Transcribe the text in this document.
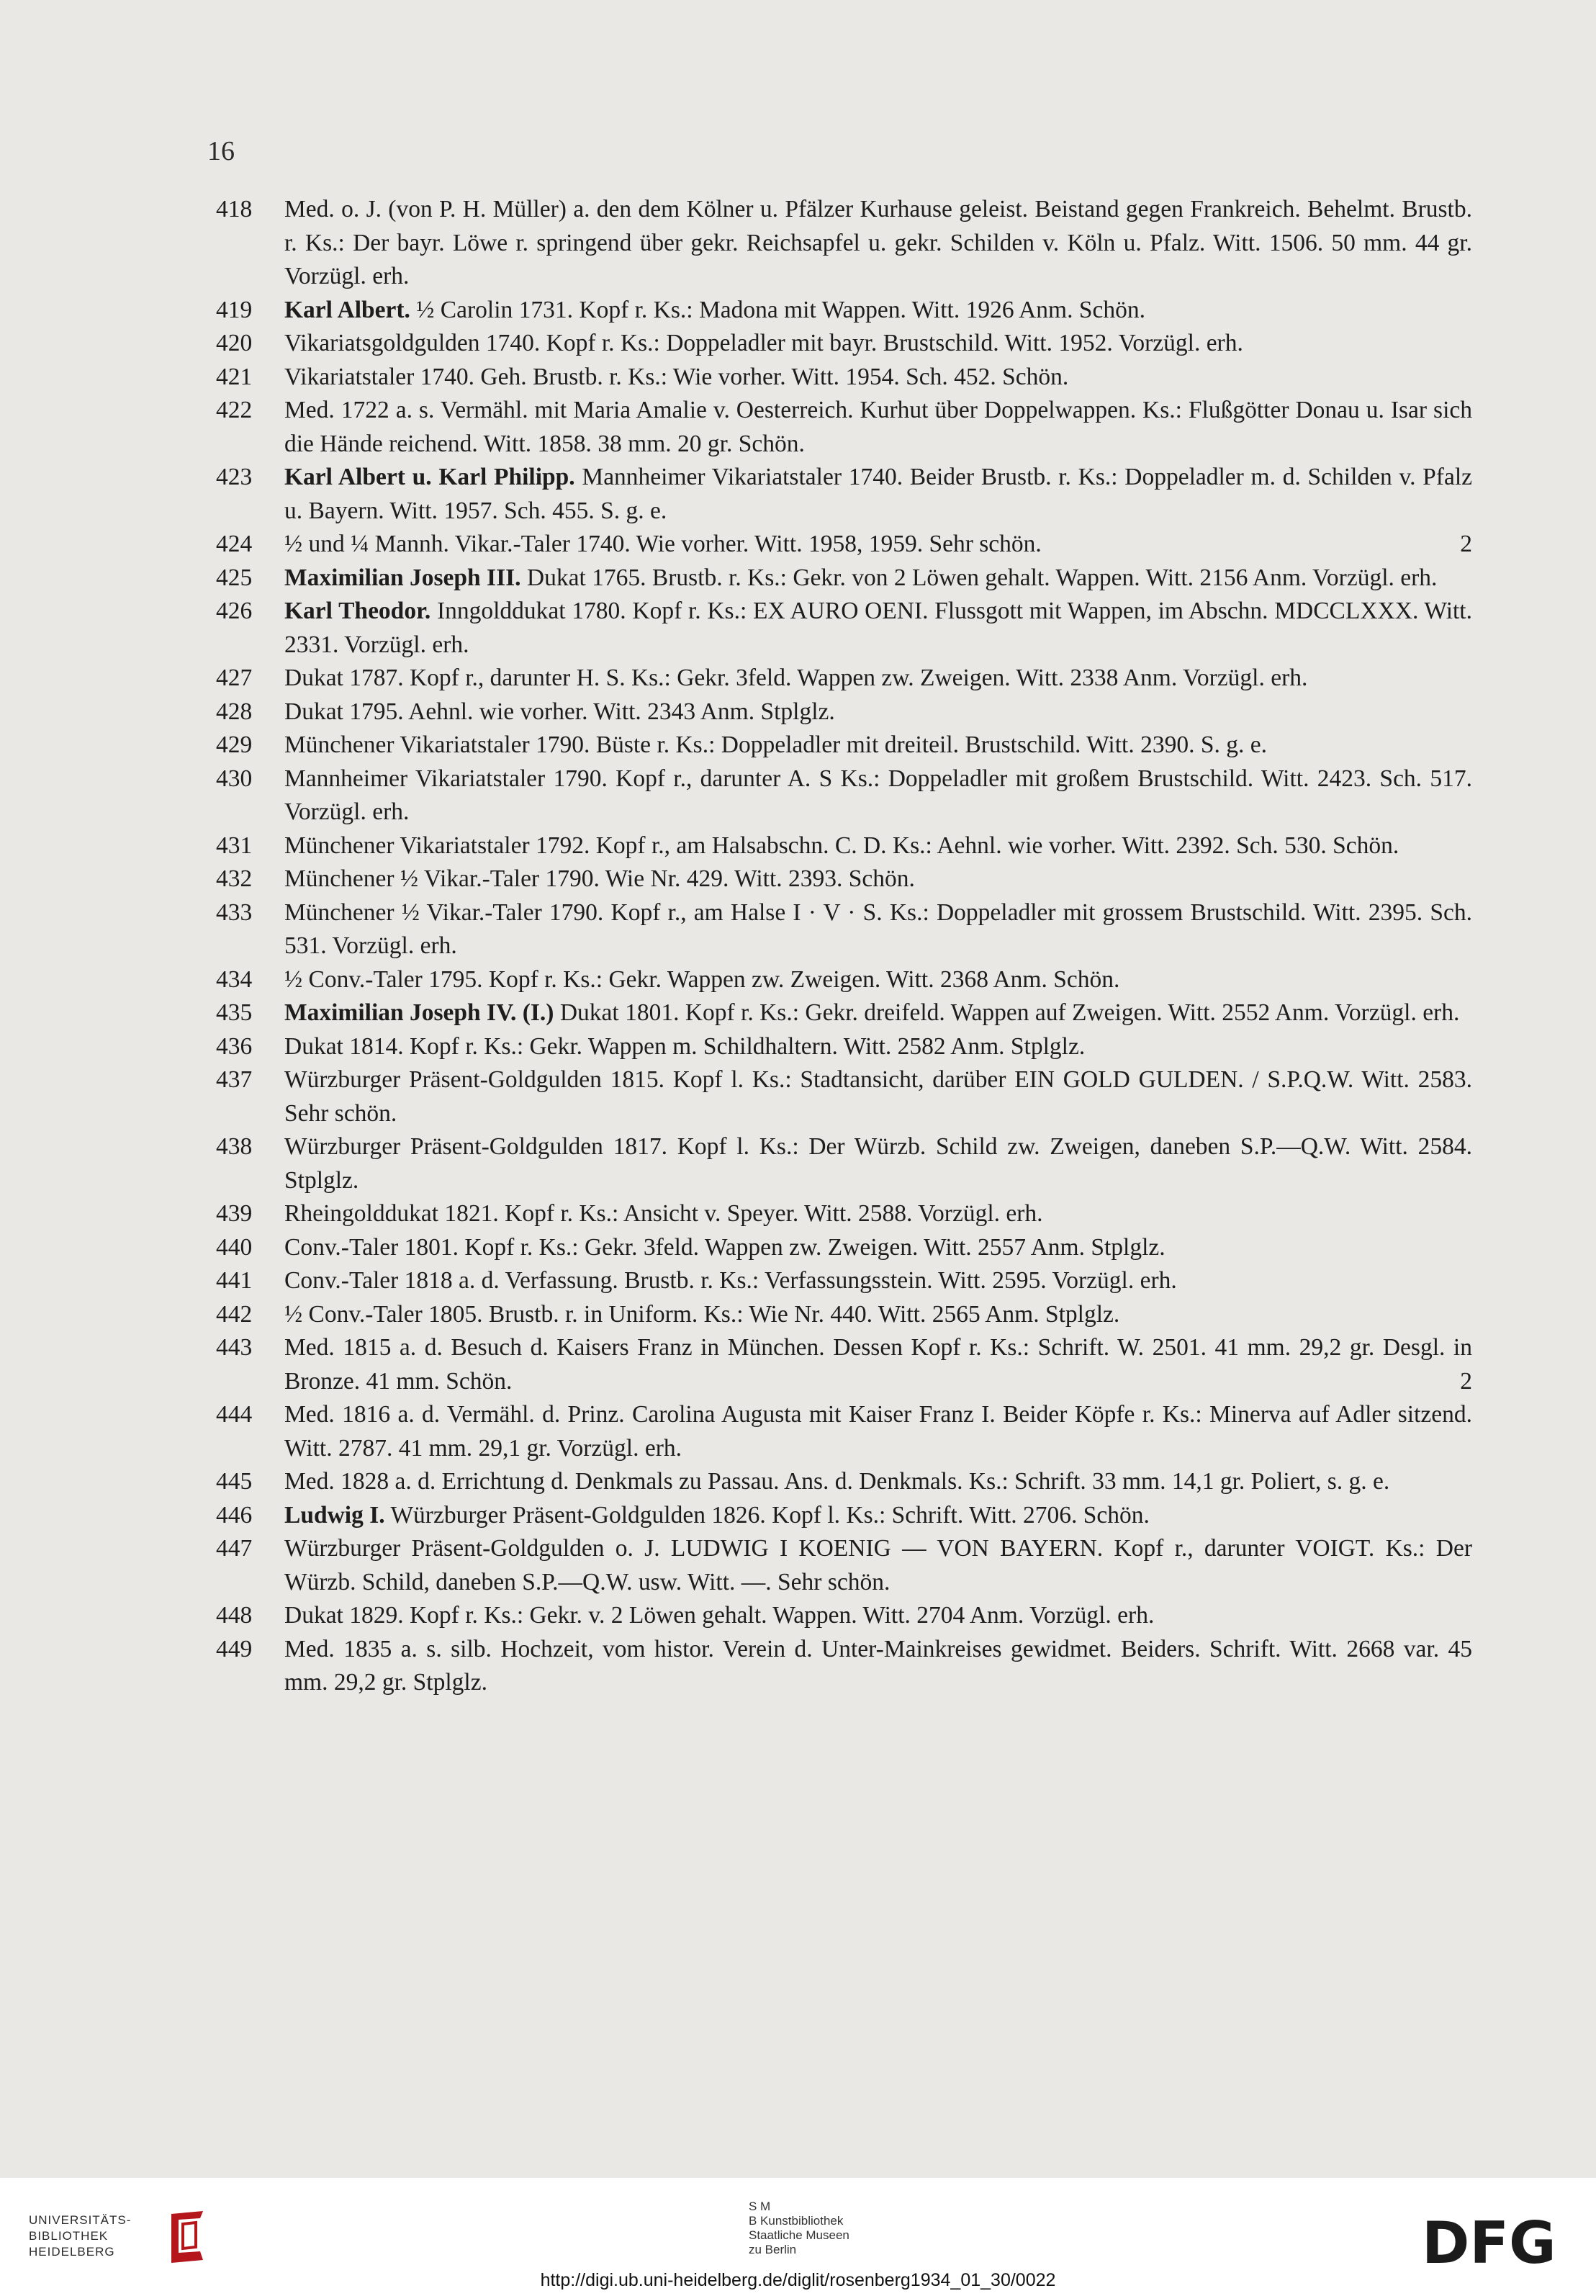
16
418	Med. o. J. (von P. H. Müller) a. den dem Kölner u. Pfälzer Kurhause geleist. Beistand gegen Frankreich. Behelmt. Brustb. r. Ks.: Der bayr. Löwe r. springend über gekr. Reichsapfel u. gekr. Schilden v. Köln u. Pfalz. Witt. 1506. 50 mm. 44 gr. Vorzügl. erh.
419	Karl Albert. ½ Carolin 1731. Kopf r. Ks.: Madona mit Wappen. Witt. 1926 Anm. Schön.
420	Vikariatsgoldgulden 1740. Kopf r. Ks.: Doppeladler mit bayr. Brustschild. Witt. 1952. Vorzügl. erh.
421	Vikariatstaler 1740. Geh. Brustb. r. Ks.: Wie vorher. Witt. 1954. Sch. 452. Schön.
422	Med. 1722 a. s. Vermähl. mit Maria Amalie v. Oesterreich. Kurhut über Doppelwappen. Ks.: Flußgötter Donau u. Isar sich die Hände reichend. Witt. 1858. 38 mm. 20 gr. Schön.
423	Karl Albert u. Karl Philipp. Mannheimer Vikariatstaler 1740. Beider Brustb. r. Ks.: Doppeladler m. d. Schilden v. Pfalz u. Bayern. Witt. 1957. Sch. 455. S. g. e.
424	½ und ¼ Mannh. Vikar.-Taler 1740. Wie vorher. Witt. 1958, 1959. Sehr schön.	2
425	Maximilian Joseph III. Dukat 1765. Brustb. r. Ks.: Gekr. von 2 Löwen gehalt. Wappen. Witt. 2156 Anm. Vorzügl. erh.
426	Karl Theodor. Inngolddukat 1780. Kopf r. Ks.: EX AURO OENI. Flussgott mit Wappen, im Abschn. MDCCLXXX. Witt. 2331. Vorzügl. erh.
427	Dukat 1787. Kopf r., darunter H. S. Ks.: Gekr. 3feld. Wappen zw. Zweigen. Witt. 2338 Anm. Vorzügl. erh.
428	Dukat 1795. Aehnl. wie vorher. Witt. 2343 Anm. Stplglz.
429	Münchener Vikariatstaler 1790. Büste r. Ks.: Doppeladler mit dreiteil. Brustschild. Witt. 2390. S. g. e.
430	Mannheimer Vikariatstaler 1790. Kopf r., darunter A. S Ks.: Doppeladler mit großem Brustschild. Witt. 2423. Sch. 517. Vorzügl. erh.
431	Münchener Vikariatstaler 1792. Kopf r., am Halsabschn. C. D. Ks.: Aehnl. wie vorher. Witt. 2392. Sch. 530. Schön.
432	Münchener ½ Vikar.-Taler 1790. Wie Nr. 429. Witt. 2393. Schön.
433	Münchener ½ Vikar.-Taler 1790. Kopf r., am Halse I · V · S. Ks.: Doppeladler mit grossem Brustschild. Witt. 2395. Sch. 531. Vorzügl. erh.
434	½ Conv.-Taler 1795. Kopf r. Ks.: Gekr. Wappen zw. Zweigen. Witt. 2368 Anm. Schön.
435	Maximilian Joseph IV. (I.) Dukat 1801. Kopf r. Ks.: Gekr. dreifeld. Wappen auf Zweigen. Witt. 2552 Anm. Vorzügl. erh.
436	Dukat 1814. Kopf r. Ks.: Gekr. Wappen m. Schildhaltern. Witt. 2582 Anm. Stplglz.
437	Würzburger Präsent-Goldgulden 1815. Kopf l. Ks.: Stadtansicht, darüber EIN GOLD GULDEN. / S.P.Q.W. Witt. 2583. Sehr schön.
438	Würzburger Präsent-Goldgulden 1817. Kopf l. Ks.: Der Würzb. Schild zw. Zweigen, daneben S.P.—Q.W. Witt. 2584. Stplglz.
439	Rheingolddukat 1821. Kopf r. Ks.: Ansicht v. Speyer. Witt. 2588. Vorzügl. erh.
440	Conv.-Taler 1801. Kopf r. Ks.: Gekr. 3feld. Wappen zw. Zweigen. Witt. 2557 Anm. Stplglz.
441	Conv.-Taler 1818 a. d. Verfassung. Brustb. r. Ks.: Verfassungsstein. Witt. 2595. Vorzügl. erh.
442	½ Conv.-Taler 1805. Brustb. r. in Uniform. Ks.: Wie Nr. 440. Witt. 2565 Anm. Stplglz.
443	Med. 1815 a. d. Besuch d. Kaisers Franz in München. Dessen Kopf r. Ks.: Schrift. W. 2501. 41 mm. 29,2 gr. Desgl. in Bronze. 41 mm. Schön.	2
444	Med. 1816 a. d. Vermähl. d. Prinz. Carolina Augusta mit Kaiser Franz I. Beider Köpfe r. Ks.: Minerva auf Adler sitzend. Witt. 2787. 41 mm. 29,1 gr. Vorzügl. erh.
445	Med. 1828 a. d. Errichtung d. Denkmals zu Passau. Ans. d. Denkmals. Ks.: Schrift. 33 mm. 14,1 gr. Poliert, s. g. e.
446	Ludwig I. Würzburger Präsent-Goldgulden 1826. Kopf l. Ks.: Schrift. Witt. 2706. Schön.
447	Würzburger Präsent-Goldgulden o. J. LUDWIG I KOENIG — VON BAYERN. Kopf r., darunter VOIGT. Ks.: Der Würzb. Schild, daneben S.P.—Q.W. usw. Witt. —. Sehr schön.
448	Dukat 1829. Kopf r. Ks.: Gekr. v. 2 Löwen gehalt. Wappen. Witt. 2704 Anm. Vorzügl. erh.
449	Med. 1835 a. s. silb. Hochzeit, vom histor. Verein d. Unter-Mainkreises gewidmet. Beiders. Schrift. Witt. 2668 var. 45 mm. 29,2 gr. Stplglz.
UNIVERSITÄTS-
BIBLIOTHEK
HEIDELBERG
S M
B Kunstbibliothek
Staatliche Museen
zu Berlin	DFG
http://digi.ub.uni-heidelberg.de/diglit/rosenberg1934_01_30/0022
